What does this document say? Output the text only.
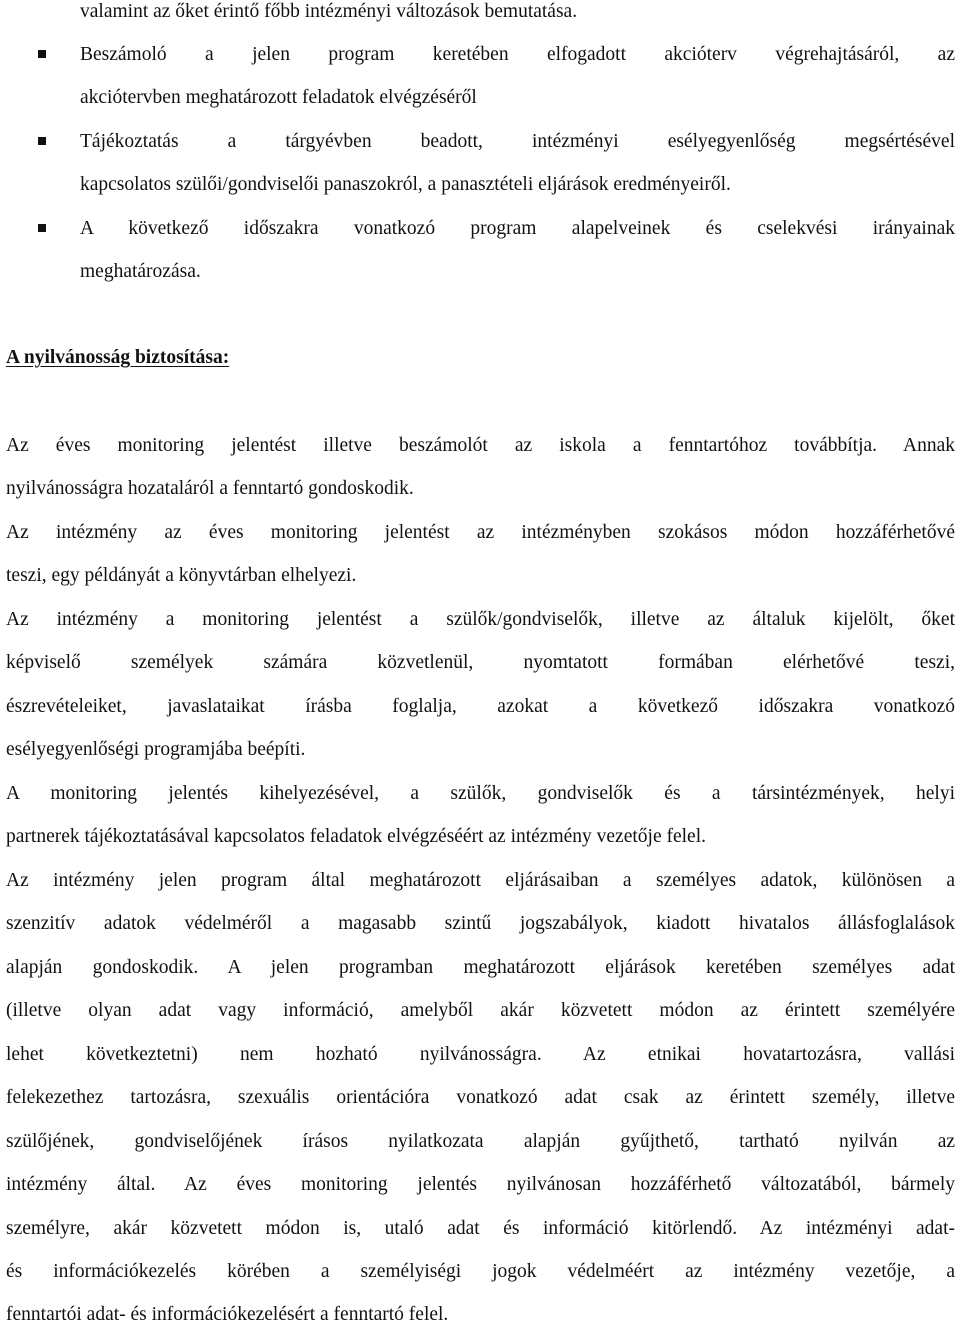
valamint az őket érintő főbb intézményi változások bemutatása.
Beszámoló a jelen program keretében elfogadott akcióterv végrehajtásáról, az
akciótervben meghatározott feladatok elvégzéséről
Tájékoztatás a tárgyévben beadott, intézményi esélyegyenlőség megsértésével
kapcsolatos szülői/gondviselői panaszokról, a panasztételi eljárások eredményeiről.
A következő időszakra vonatkozó program alapelveinek és cselekvési irányainak
meghatározása.
A nyilvánosság biztosítása:
Az éves monitoring jelentést illetve beszámolót az iskola a fenntartóhoz továbbítja. Annak
nyilvánosságra hozataláról a fenntartó gondoskodik.
Az intézmény az éves monitoring jelentést az intézményben szokásos módon hozzáférhetővé
teszi, egy példányát a könyvtárban elhelyezi.
Az intézmény a monitoring jelentést a szülők/gondviselők, illetve az általuk kijelölt, őket
képviselő személyek számára közvetlenül, nyomtatott formában elérhetővé teszi,
észrevételeiket, javaslataikat írásba foglalja, azokat a következő időszakra vonatkozó
esélyegyenlőségi programjába beépíti.
A monitoring jelentés kihelyezésével, a szülők, gondviselők és a társintézmények, helyi
partnerek tájékoztatásával kapcsolatos feladatok elvégzéséért az intézmény vezetője felel.
Az intézmény jelen program által meghatározott eljárásaiban a személyes adatok, különösen a
szenzitív adatok védelméről a magasabb szintű jogszabályok, kiadott hivatalos állásfoglalások
alapján gondoskodik. A jelen programban meghatározott eljárások keretében személyes adat
(illetve olyan adat vagy információ, amelyből akár közvetett módon az érintett személyére
lehet következtetni) nem hozható nyilvánosságra. Az etnikai hovatartozásra, vallási
felekezethez tartozásra, szexuális orientációra vonatkozó adat csak az érintett személy, illetve
szülőjének, gondviselőjének írásos nyilatkozata alapján gyűjthető, tartható nyilván az
intézmény által. Az éves monitoring jelentés nyilvánosan hozzáférhető változatából, bármely
személyre, akár közvetett módon is, utaló adat és információ kitörlendő. Az intézményi adat-
és információkezelés körében a személyiségi jogok védelméért az intézmény vezetője, a
fenntartói adat- és információkezelésért a fenntartó felel.
